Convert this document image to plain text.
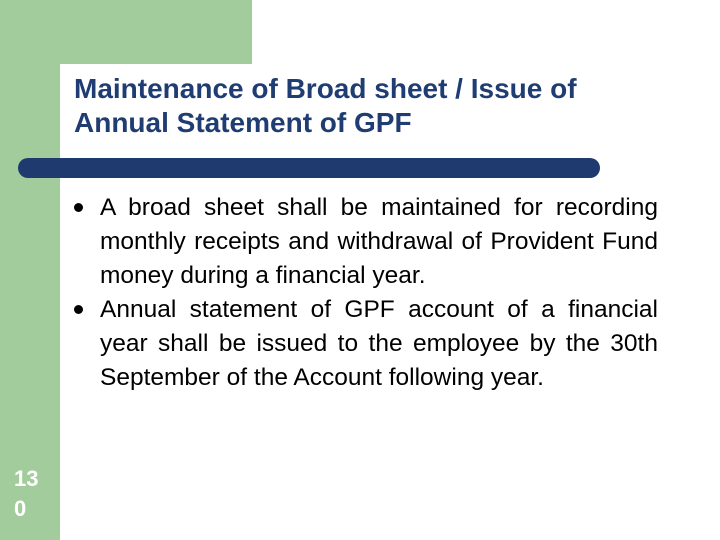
Maintenance of Broad sheet / Issue of Annual Statement of GPF
A broad sheet shall be maintained for recording monthly receipts and withdrawal of Provident Fund money during a financial year.
Annual statement of GPF account of a financial year shall be issued to the employee by the 30th September of the Account following year.
13
0
